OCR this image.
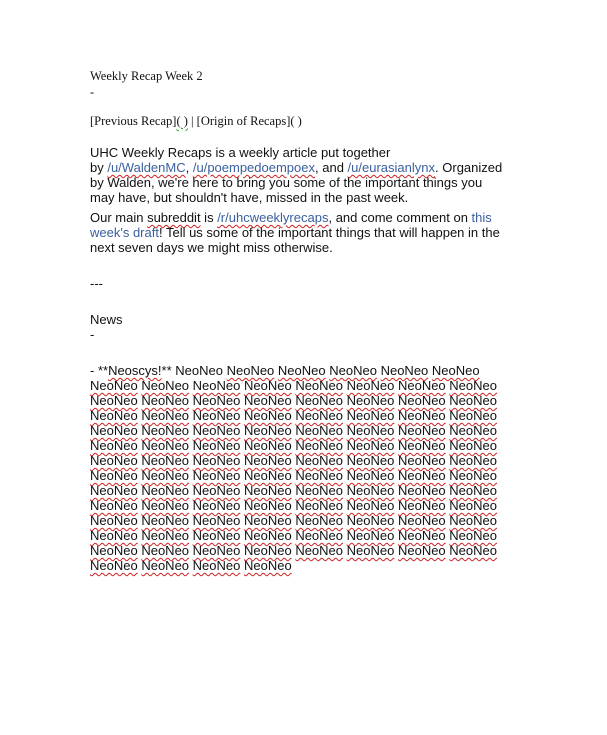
Weekly Recap Week 2

-

[Previous Recap]( ) | [Origin of Recaps]( )

UHC Weekly Recaps is a weekly article put together
by /u/WaldenMC, /u/poempedoempoex, and /u/eurasianlynx. Organized by Walden, we're here to bring you some of the important things you may have, but shouldn't have, missed in the past week.

Our main subreddit is /r/uhcweeklyrecaps, and come comment on this week's draft! Tell us some of the important things that will happen in the next seven days we might miss otherwise.

---

News

-

- **Neoscys!** NeoNeo NeoNeo NeoNeo NeoNeo NeoNeo NeoNeo NeoNeo NeoNeo NeoNeo NeoNeo NeoNeo NeoNeo NeoNeo NeoNeo NeoNeo NeoNeo NeoNeo NeoNeo NeoNeo NeoNeo NeoNeo NeoNeo NeoNeo NeoNeo NeoNeo NeoNeo NeoNeo NeoNeo NeoNeo NeoNeo NeoNeo NeoNeo NeoNeo NeoNeo NeoNeo NeoNeo NeoNeo NeoNeo NeoNeo NeoNeo NeoNeo NeoNeo NeoNeo NeoNeo NeoNeo NeoNeo NeoNeo NeoNeo NeoNeo NeoNeo NeoNeo NeoNeo NeoNeo NeoNeo NeoNeo NeoNeo NeoNeo NeoNeo NeoNeo NeoNeo NeoNeo NeoNeo NeoNeo NeoNeo NeoNeo NeoNeo NeoNeo NeoNeo NeoNeo NeoNeo NeoNeo NeoNeo NeoNeo NeoNeo NeoNeo NeoNeo NeoNeo NeoNeo NeoNeo NeoNeo NeoNeo NeoNeo NeoNeo NeoNeo NeoNeo NeoNeo NeoNeo NeoNeo NeoNeo NeoNeo NeoNeo NeoNeo NeoNeo NeoNeo NeoNeo NeoNeo NeoNeo NeoNeo NeoNeo NeoNeo NeoNeo NeoNeo NeoNeo NeoNeo NeoNeo NeoNeo
